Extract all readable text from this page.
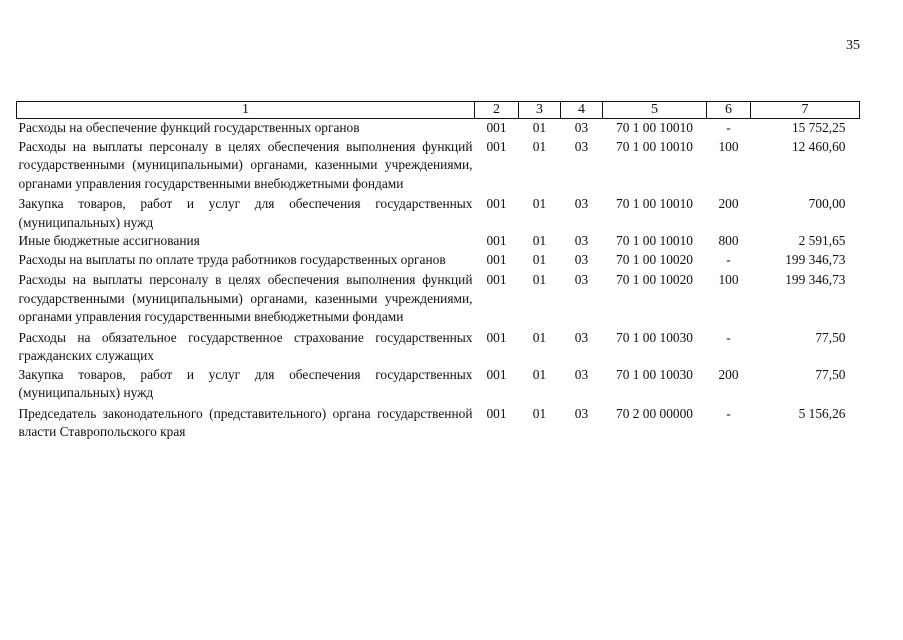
35
1	2	3	4	5	6	7
Расходы на обеспечение функций государственных органов	001	01	03	70 1 00 10010	-	15 752,25
Расходы на выплаты персоналу в целях обеспечения выполнения функций государственными (муниципальными) органами, казенными учреждениями, органами управления государственными внебюджетными фондами	001	01	03	70 1 00 10010	100	12 460,60
Закупка товаров, работ и услуг для обеспечения государственных (муниципальных) нужд	001	01	03	70 1 00 10010	200	700,00
Иные бюджетные ассигнования	001	01	03	70 1 00 10010	800	2 591,65
Расходы на выплаты по оплате труда работников государственных органов	001	01	03	70 1 00 10020	-	199 346,73
Расходы на выплаты персоналу в целях обеспечения выполнения функций государственными (муниципальными) органами, казенными учреждениями, органами управления государственными внебюджетными фондами	001	01	03	70 1 00 10020	100	199 346,73
Расходы на обязательное государственное страхование государственных гражданских служащих	001	01	03	70 1 00 10030	-	77,50
Закупка товаров, работ и услуг для обеспечения государственных (муниципальных) нужд	001	01	03	70 1 00 10030	200	77,50
Председатель законодательного (представительного) органа государственной власти Ставропольского края	001	01	03	70 2 00 00000	-	5 156,26
